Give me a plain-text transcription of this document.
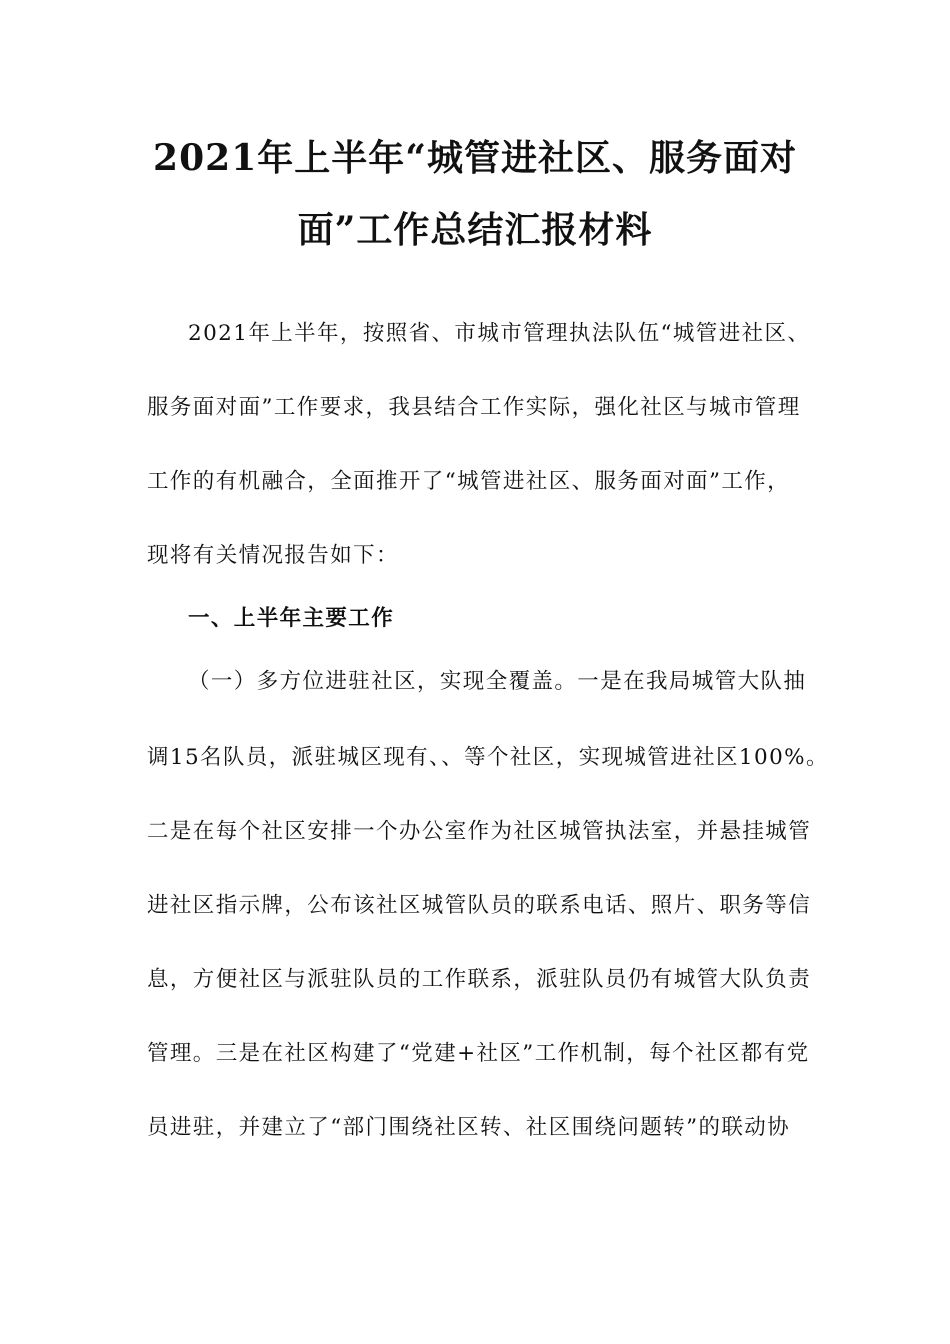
2021年上半年“城管进社区、服务面对
面”工作总结汇报材料
2021年上半年，按照省、市城市管理执法队伍“城管进社区、
服务面对面”工作要求，我县结合工作实际，强化社区与城市管理
工作的有机融合，全面推开了“城管进社区、服务面对面”工作，
现将有关情况报告如下：
一、上半年主要工作
（一）多方位进驻社区，实现全覆盖。一是在我局城管大队抽
调15名队员，派驻城区现有、、等个社区，实现城管进社区100%。
二是在每个社区安排一个办公室作为社区城管执法室，并悬挂城管
进社区指示牌，公布该社区城管队员的联系电话、照片、职务等信
息，方便社区与派驻队员的工作联系，派驻队员仍有城管大队负责
管理。三是在社区构建了“党建+社区”工作机制，每个社区都有党
员进驻，并建立了“部门围绕社区转、社区围绕问题转”的联动协
